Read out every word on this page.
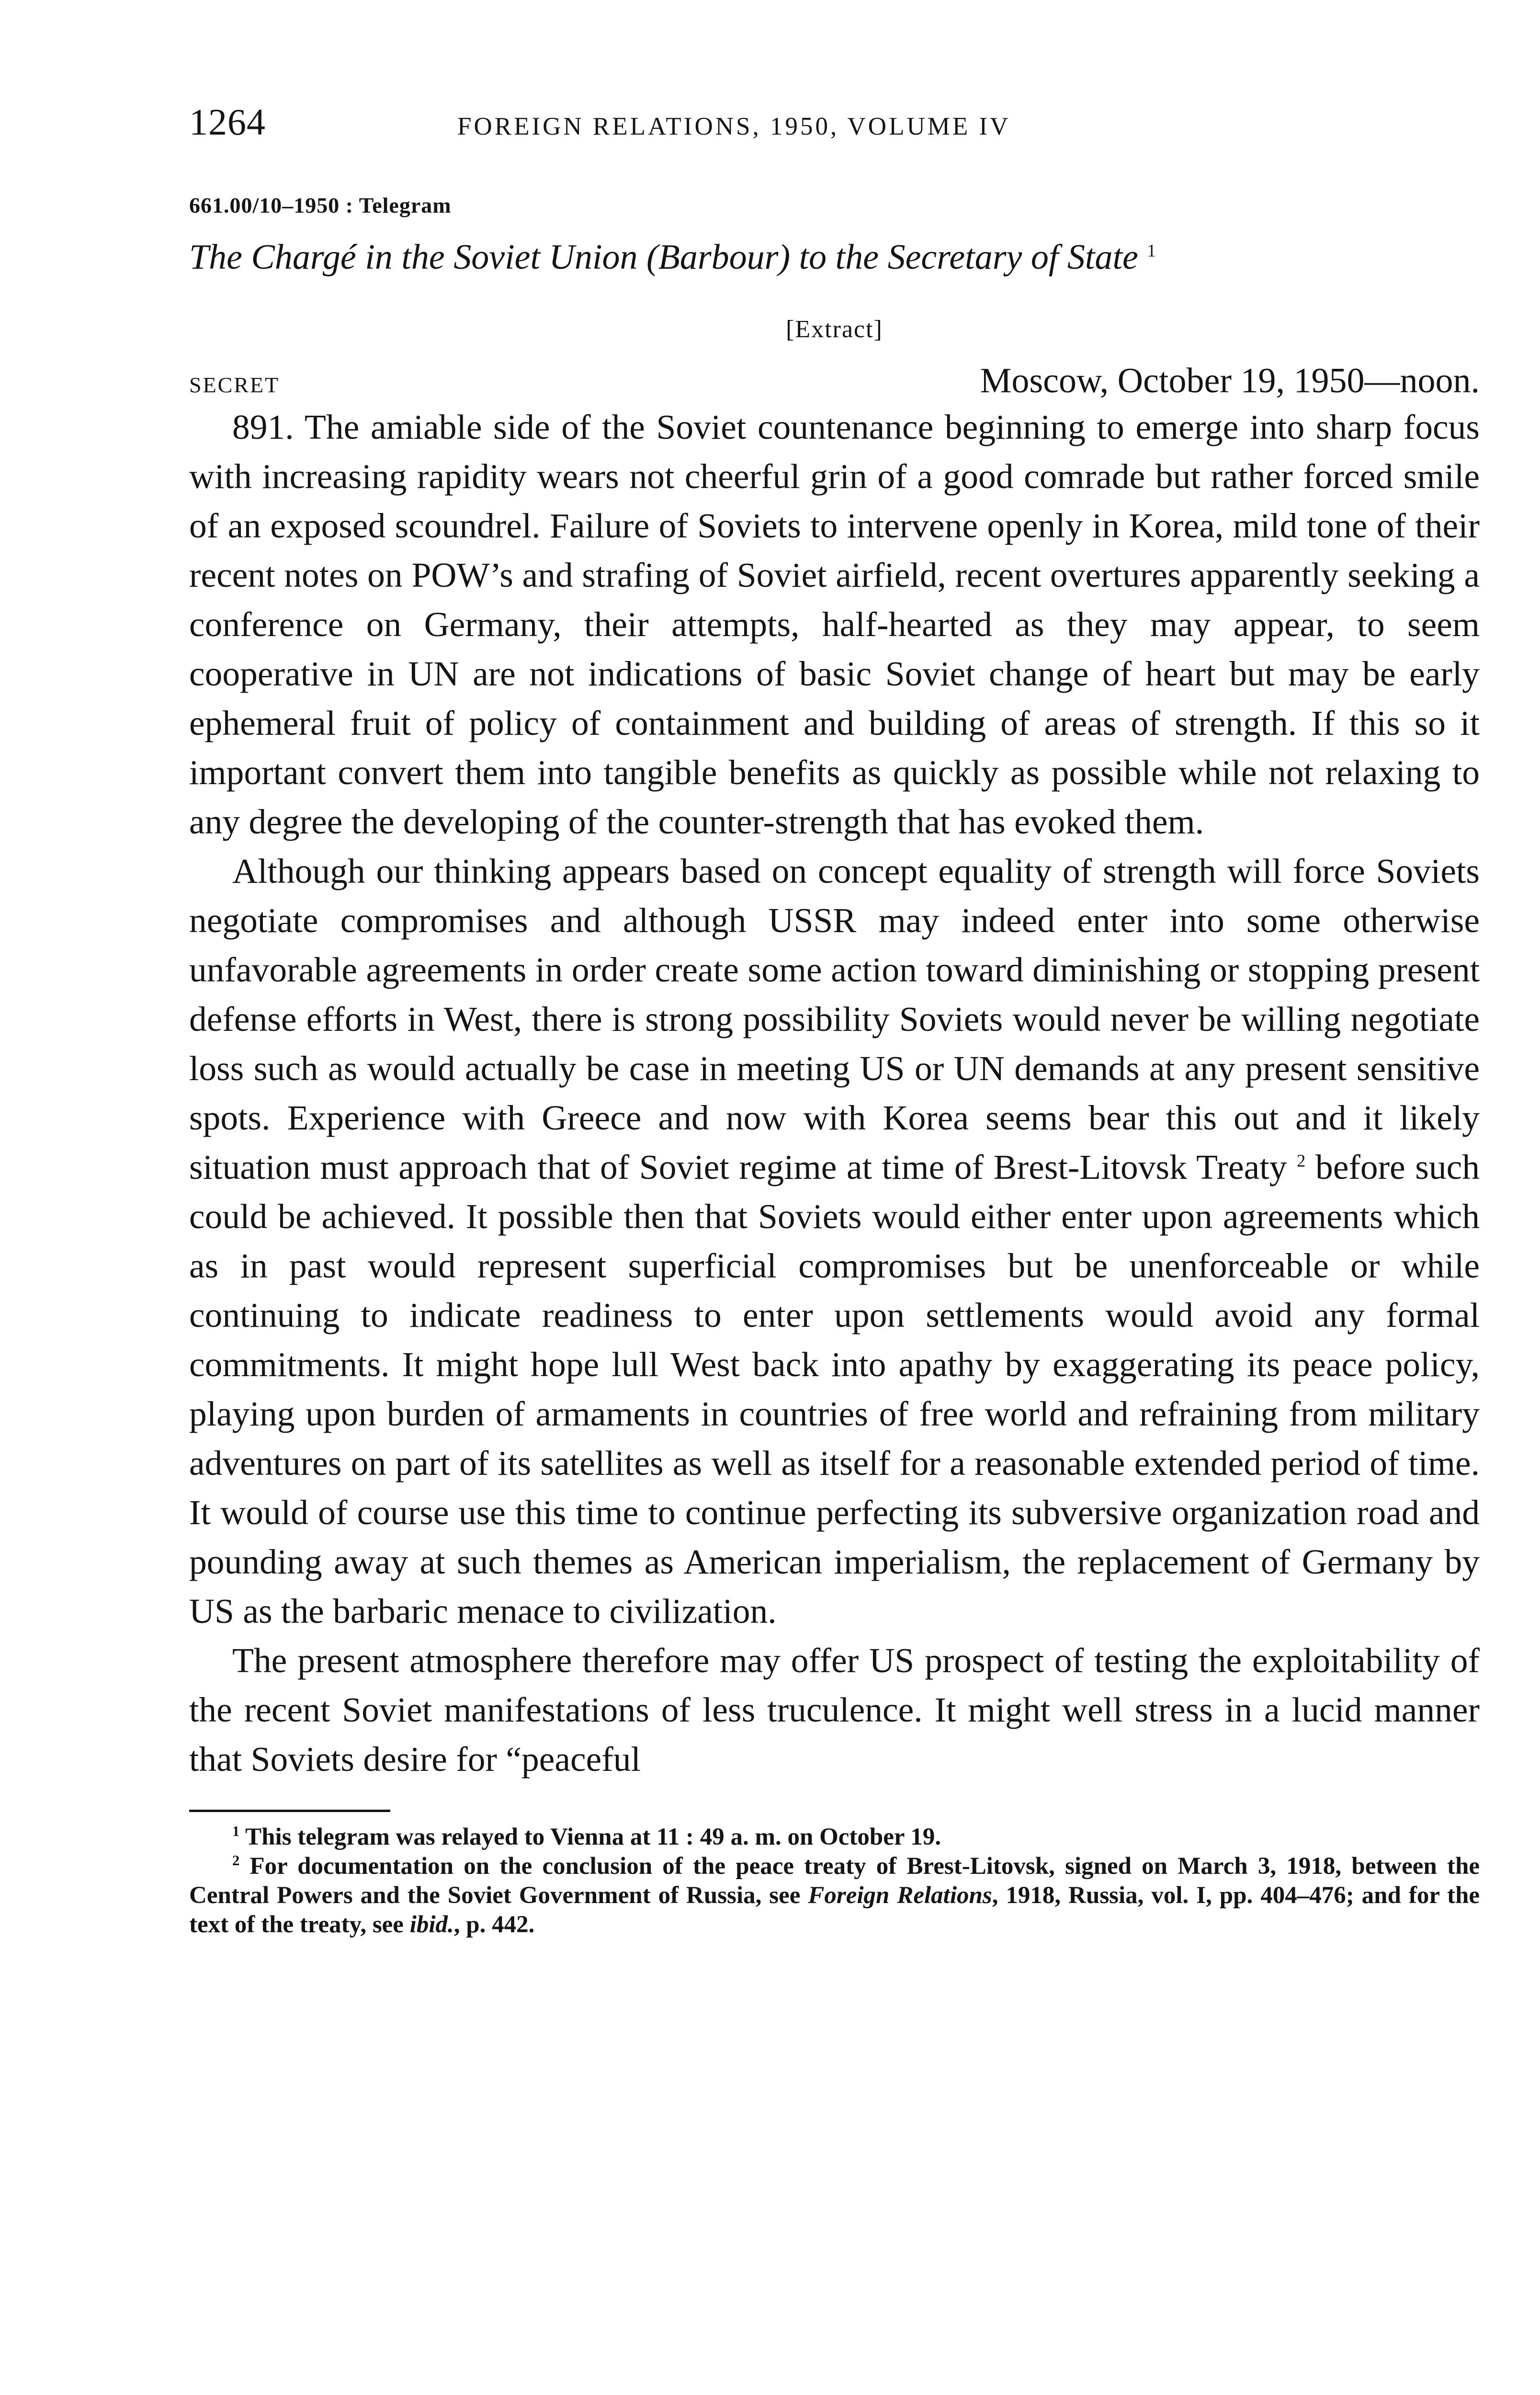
1264	FOREIGN RELATIONS, 1950, VOLUME IV
661.00/10–1950 : Telegram
The Chargé in the Soviet Union (Barbour) to the Secretary of State $^1$
[Extract]
SECRET	Moscow, October 19, 1950—noon.

891. The amiable side of the Soviet countenance beginning to emerge into sharp focus with increasing rapidity wears not cheerful grin of a good comrade but rather forced smile of an exposed scoundrel. Failure of Soviets to intervene openly in Korea, mild tone of their recent notes on POW’s and strafing of Soviet airfield, recent overtures apparently seeking a conference on Germany, their attempts, half-hearted as they may appear, to seem cooperative in UN are not indications of basic Soviet change of heart but may be early ephemeral fruit of policy of containment and building of areas of strength. If this so it important convert them into tangible benefits as quickly as possible while not relaxing to any degree the developing of the counter-strength that has evoked them.

Although our thinking appears based on concept equality of strength will force Soviets negotiate compromises and although USSR may indeed enter into some otherwise unfavorable agreements in order create some action toward diminishing or stopping present defense efforts in West, there is strong possibility Soviets would never be willing negotiate loss such as would actually be case in meeting US or UN demands at any present sensitive spots. Experience with Greece and now with Korea seems bear this out and it likely situation must approach that of Soviet regime at time of Brest-Litovsk Treaty $^2$ before such could be achieved. It possible then that Soviets would either enter upon agreements which as in past would represent superficial compromises but be unenforceable or while continuing to indicate readiness to enter upon settlements would avoid any formal commitments. It might hope lull West back into apathy by exaggerating its peace policy, playing upon burden of armaments in countries of free world and refraining from military adventures on part of its satellites as well as itself for a reasonable extended period of time. It would of course use this time to continue perfecting its subversive organization road and pounding away at such themes as American imperialism, the replacement of Germany by US as the barbaric menace to civilization.

The present atmosphere therefore may offer US prospect of testing the exploitability of the recent Soviet manifestations of less truculence. It might well stress in a lucid manner that Soviets desire for “peaceful

$^1$ This telegram was relayed to Vienna at 11 : 49 a. m. on October 19.

$^2$ For documentation on the conclusion of the peace treaty of Brest-Litovsk, signed on March 3, 1918, between the Central Powers and the Soviet Government of Russia, see Foreign Relations, 1918, Russia, vol. I, pp. 404–476; and for the text of the treaty, see ibid., p. 442.
